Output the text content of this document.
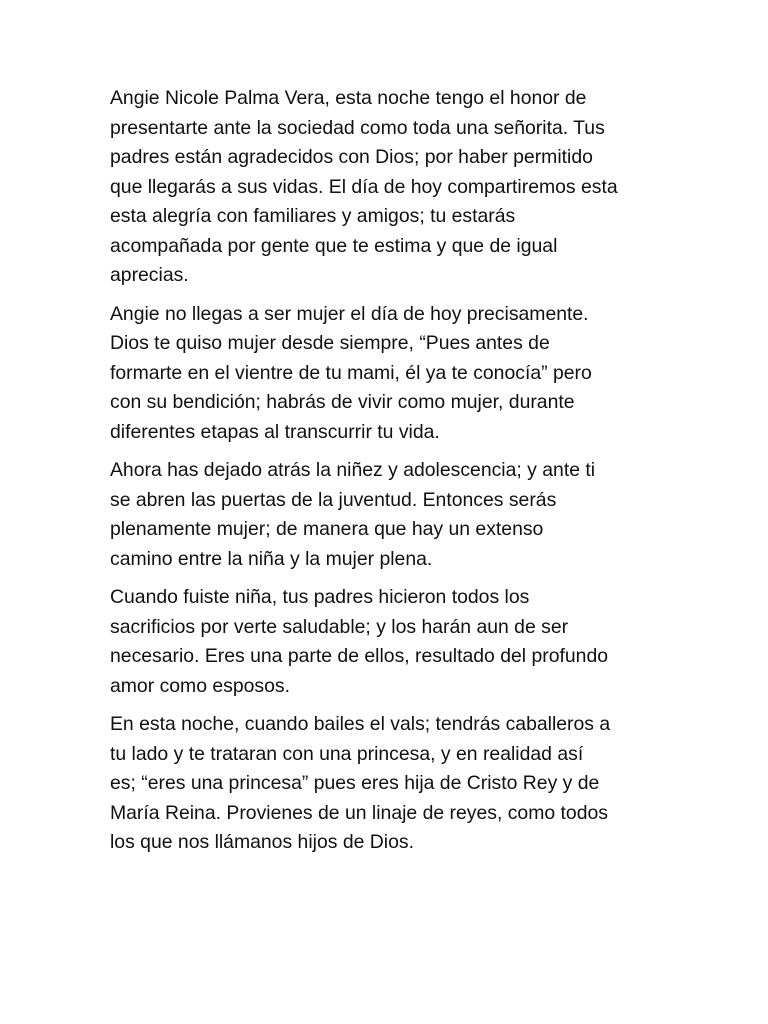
Angie Nicole Palma Vera, esta noche tengo el honor de
presentarte ante la sociedad como toda una señorita. Tus
padres están agradecidos con Dios; por haber permitido
que llegarás a sus vidas. El día de hoy compartiremos esta
esta alegría con familiares y amigos; tu estarás
acompañada por gente que te estima y que de igual
aprecias.

Angie no llegas a ser mujer el día de hoy precisamente.
Dios te quiso mujer desde siempre, “Pues antes de
formarte en el vientre de tu mami, él ya te conocía” pero
con su bendición; habrás de vivir como mujer, durante
diferentes etapas al transcurrir tu vida.

Ahora has dejado atrás la niñez y adolescencia; y ante ti
se abren las puertas de la juventud. Entonces serás
plenamente mujer; de manera que hay un extenso
camino entre la niña y la mujer plena.

Cuando fuiste niña, tus padres hicieron todos los
sacrificios por verte saludable; y los harán aun de ser
necesario. Eres una parte de ellos, resultado del profundo
amor como esposos.

En esta noche, cuando bailes el vals; tendrás caballeros a
tu lado y te trataran con una princesa, y en realidad así
es; “eres una princesa” pues eres hija de Cristo Rey y de
María Reina. Provienes de un linaje de reyes, como todos
los que nos llámanos hijos de Dios.
